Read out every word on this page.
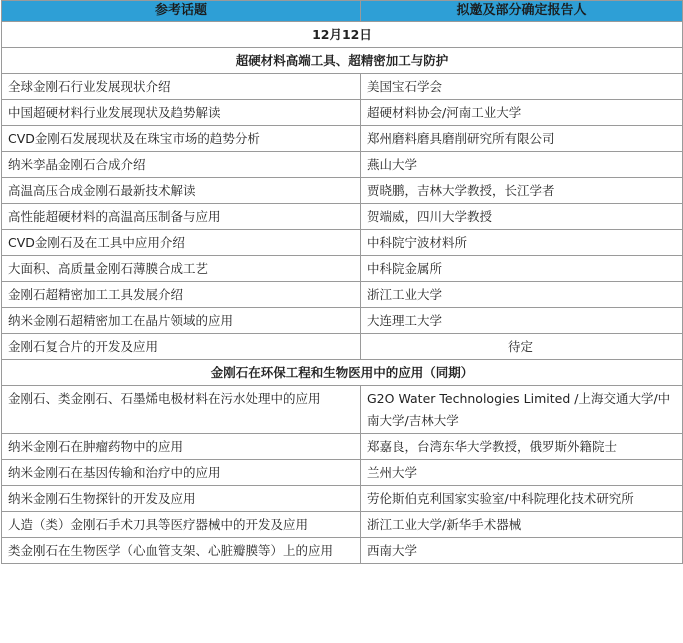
参考话题	拟邀及部分确定报告人
12月12日	
超硬材料高端工具、超精密加工与防护	
全球金刚石行业发展现状介绍	美国宝石学会
中国超硬材料行业发展现状及趋势解读	超硬材料协会/河南工业大学
CVD金刚石发展现状及在珠宝市场的趋势分析	郑州磨料磨具磨削研究所有限公司
纳米孪晶金刚石合成介绍	燕山大学
高温高压合成金刚石最新技术解读	贾晓鹏，吉林大学教授，长江学者
高性能超硬材料的高温高压制备与应用	贺端威，四川大学教授
CVD金刚石及在工具中应用介绍	中科院宁波材料所
大面积、高质量金刚石薄膜合成工艺	中科院金属所
金刚石超精密加工工具发展介绍	浙江工业大学
纳米金刚石超精密加工在晶片领域的应用	大连理工大学
金刚石复合片的开发及应用	待定
金刚石在环保工程和生物医用中的应用（同期）	
金刚石、类金刚石、石墨烯电极材料在污水处理中的应用	G2O Water Technologies Limited /上海交通大学/中南大学/吉林大学
纳米金刚石在肿瘤药物中的应用	郑嘉良，台湾东华大学教授，俄罗斯外籍院士
纳米金刚石在基因传输和治疗中的应用	兰州大学
纳米金刚石生物探针的开发及应用	劳伦斯伯克利国家实验室/中科院理化技术研究所
人造（类）金刚石手术刀具等医疗器械中的开发及应用	浙江工业大学/新华手术器械
类金刚石在生物医学（心血管支架、心脏瓣膜等）上的应用	西南大学
